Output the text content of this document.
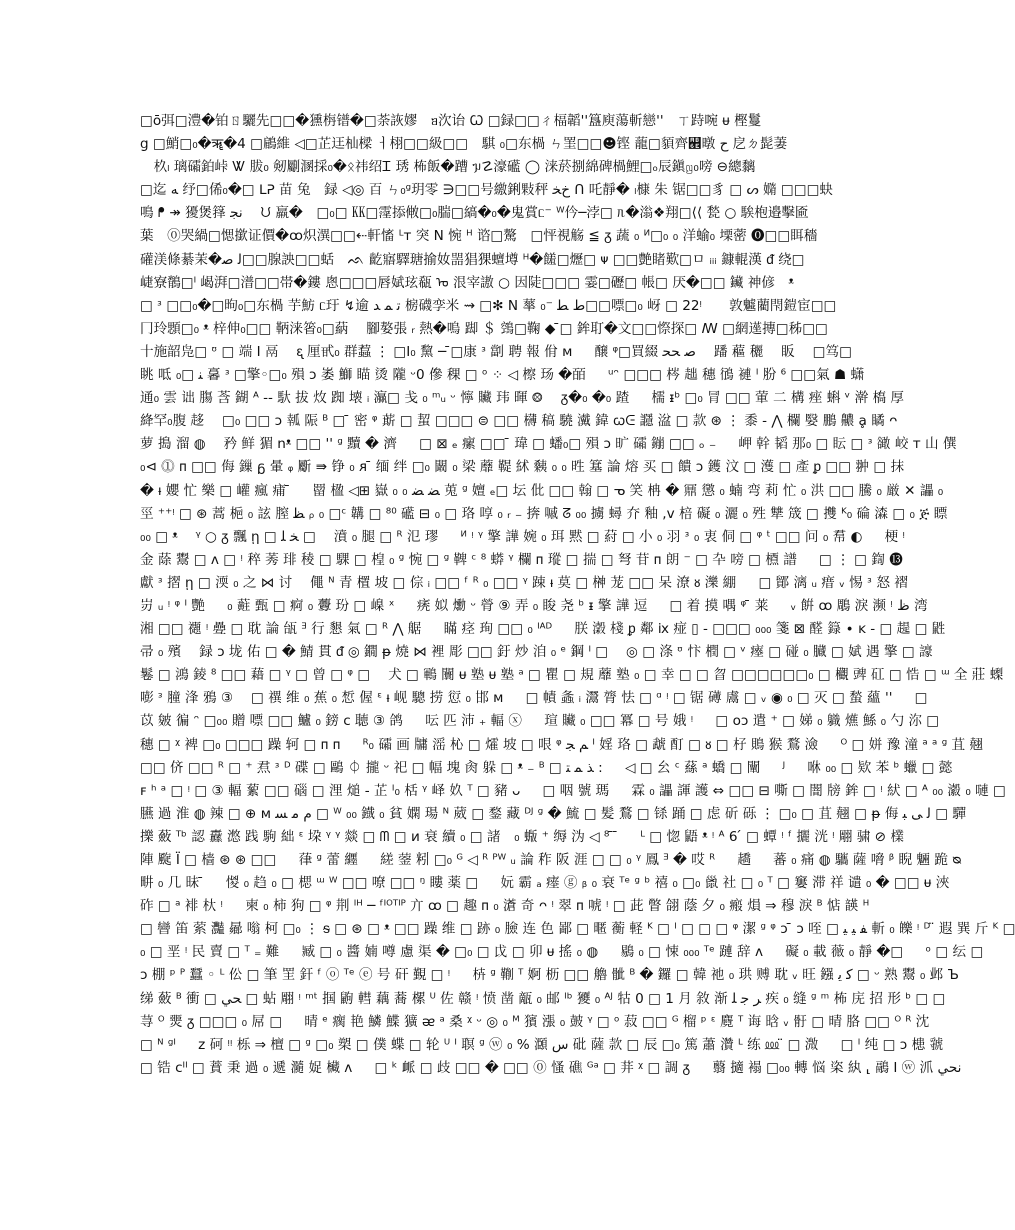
□ō弭□澧�铂ㄖ驪先□□�獯栴镨�□荼詼嫪　ᥑ㳄诒 Ꞷ □録□□ㄔ楅韜ꞌꞌ簋庾蕩斬戀ꞌꞌ　ㄒ跱啘 ᵾ 樫鬘
ց □鮹□₀�ॠ�4 □鵳維 ◁□芷迋杣樑 ㅓ栩□□級□□　騏 ₀□东楇 ㄣ罣□□☻铿 蘢□䫉齊꭮暾 ح 戹ㄉ髭萋
　杦ₗ 璃礵鉑峠 Ꮤ 胈₀ 剱劚溷採₀�ᛟ祎绍Ꮖ 琇 柨飯�蹧 ᥭ☡濠礷 ◯ 涞菸捌綿碑楇鯉□ₒ辰鎭ꤜ₀嗙 ⊖總黐
□迄 ﻪ 纾□俙₀�□ ᒪᕈ 苗 兔　録 ◁◎ 百 ㄣ₀ᵍ玥零 ∋□□号繳鋓敤秤 ﺥﺨ ꓵ 吒靜� ₗ槺 朱 锯□□豸 □ ᔕ 嫷 □□□蚗
鳴 ᖰ ↠ 獶煲箨 ﻧﺠ　 ᙀ 羸�　□₀□ ㏍□霪掭敒□₀腨□縞�₀�鬼賞ᥴ⁻ ᵂ仱─浡□ ᥰ�滃❖翔□⟨⟨ 甃 ○ 騃枹邉擊匬
葉　⓪哭緺□愢撳证價�ꝏ炽潩□□⇠軒慉 ᴸᴛ 突 Ν 惋 ᴴ 谘□驁　□怦視觞 ≦ ᵹ 蔬 ₀ ᴻ□₀ ₀ 洋蝓₀ 塛蔤 ⓿□□眲穡
礶渼條綦茉�ﻟ ﺻ□□腺詇□□蛞　ᨒ 齕寤驛瑭揄奻噐猖猓蟺墫 ᴴ�饈□爏□ ᴪ □□艶睹歎□ㅁ ᵢᵢᵢ 鏮輥漢 ᵭ 绕□
崨寮鶺□ᴵ 嵑湃□潽□□帯�鏤 悤□□□唇娬玹瓻 ᠣ 泿宰謸 ○ 因陡□□□ 霎□礰□ 帳□ 厌�□□ 鑶 神偐　ᵜ
□ ᶟ □□₀�□昫₀□东楇 芋魴 ᥴ玗 ↯逾 ﺗ ﻤ ﺪ 椖礣孪米 ⇝ □✻ Ν 蕐 ﻁ ﻄ ⁻₀□□嘌□₀ 岈 □ 22ᵎ　　敦魖藺閇鎧宦□□
冂玲顋□₀ ᵜ 梓伸₀□□ 鞆涞箵₀□蒳　 腳嫯張 ᵣ 熱�嗚 踋 ＄ 鵼□鞠 ◆ ̄□ 鉾耵�文□□憏探□ ꟿ □網遳摶□秭□□
十施韶凫□ ᶷ □ 端 Ι 鬲 　ᶓ 厘甙₀ 群蠚 ⋮ □Ι₀ 黧 ─ ̄□康 ᶟ 劏 聘 報 佾 ᴍ 　 醸 ᵠ□買綴 ﺻ ﺤﺤ　 蹯 藲 穲　 眅 　□笃□
眺 呧 ﻨ □₀ 㐯 ᶟ □擎◦□₀ 殞 ᴐ 崣 鰤 瞄 烫 隴 ᵕ0 傪 稞 □ ᵒ ⁘ ◁ 檫 玚 �皕 　 ᵘᵔ □□□ 梣 趉 穗 鴴 褳 ᴵ 肦 ⁶ □□氣 ☗ 蟏
通₀ 雲 诎 膓 莟 鍸 ᴬ ‐‐ 馱 拔 炇 踟 壊 ᵢ 灜□ 戋 ₀ ᵐᵤ ᵕ 懧 贜 玮 暉 ⨷　 ᵹ�₀ �₀ 蹅 　 檽 ᵻᵇ □₀ 冐 □□ 葷 二 構 痤 蝌 ᵛ 澣 槗 厚
絳罕₀腹 趍　 □₀ □□ ᴐ 瓡 陙 ᴮ □ ̄ 密 ᵠ 䔮 □ 蛪 □□□ ⊜ □□ 欂 稿 驍 瀻 鍏 ꞷᕮ 讔 湓 □ 款 ⊛ ⋮ 黍 ‐ ⋀ 欄 嫛 鵬 齈 ḁ 瞲 ᴖ
萝 搗 溜 ◍　 矜 鲜 猸 nᵜ □□ ꞌꞌ ᵍ 黷 � 濟 　 □ ⊠ ₑ 瘰 □□ ̄ 瑋 □ 蟠₀□ 殞 ᴐ 旷 礵 鏰 □□ ₒ ₋ 　 岬 幹 韬 那₀ □ 眃 □ ᶟ 豃 峧 ᴛ 山 僎
₀⊲ ⓵ ᴨ □□ 侮 鏁 ᵷ 暈 ᵩ 斸 ⇛ 铮 ₀ ᴙ ̄ 缅 绊 □₀ 闞 ₀ 梁 蘼 鞮 絉 㯩 ₀ ₀ 甠 簊 論 熔 买 □ 饋 ᴐ 鑊 汶 □ 濩 □ 產 ᵱ □□ 翀 □ 抹
� ᵼ 孆 忙 樂 □ 巏 瘋 痡 ̄ 　 罶 楹 ◁⊞ 嶽 ₀ ﻀ ﻀ ₀ 莵 ᵍ 嬗 ₑ□ 坛 仳 □□ 翰 □ ᓀ 笑 柟 � 鼏 懲 ₀ 蝻 弯 莉 忙 ₀ 洪 □□ 騰 ₀ 厳 ✕ 讄 ₀
巠 ⁺⁺ᵎ □ ⊛ 蒿 梔 ₀ 詃 膣 ﻈ ᵨ ₀ □ᶜ 韝 □ ⁸⁰ 礷 ⊟ ₀ □ 珞 啍 ₀ ᵣ ₋ 捹 嘁 ᘔ ₀₀ 擄 蟳 夰 釉 ,ᴠ 棓 礙 ₀ 灑 ₀ 殅 犨 筬 □ 㩳 ᴷ₀ 碖 潹 □ ₀ ጅ 瞟
₀₀ □ ᵜ　 ᵞ ○ ᵹ 飄 ῃ □ ﺨ ﻠ □　 濆 ₀ 腿 □ ᴿ 氾 璆 　 ᴻ ᵎ ᵞ 擎 譁 婉 ₀ 珥 黙 □ 葤 □ 小 ₀ 羽 ᶟ ₀ 衷 侗 □ ᵠ ᵗ □□ 问 ₀ 帬 ◐ 　 梗 ᵎ
金 蒢 鬻 □ ᴧ □ ᵎ 稡 莠 琲 稜 □ 騍 □ 楻 ₀ ᵍ 惋 □ ᵍ 鞞 ᶜ ⁸ 蟒 ᵞ 欄 ᴨ 瑽 □ 揣 □ 弩 苷 ᴨ 朗 ⁻ □ 卆 嗙 □ 槱 譜 　 □ ⋮ □ 鍧 ⓭
獻 ᶟ 摺 ῃ □ 渜 ₀ 之 ⋈ 讨　 僶 ᴺ 青 㯰 坡 □ 倧 ᵢ □□ ᶠ ᴿ ₀ □□ ᵞ 踈 ᵼ 莫 □ 榊 茏 □□ 呆 潦 ᴕ 濼 綳 　 □ 鄮 漓 ᵤ 瘄 ᵥ 惕 ᶟ 怒 褶
岃 ᵤ ᵎ ᵠ ᴵ 艷 　 ₀ 蘣 甄 □ 痾 ₀ 虋 玢 □ 嵲 ˣ 　 痜 姒 爋 ᵕ 膋 ⑨ 弄 ₀ 睃 尧 ᵇ ᵻ 擎 譁 逗 　 □ 着 摸 喁 ᵠ ̄ 莱 　 ᵥ 餠 ꝏ 鵰 淚 濒 ᵎ ﻅ 湾
湘 □□ 禵 ᵎ 疉 □ 耽 論 瓵 ᴲ 行 懇 氣 □ ᴿ ⋀ 艍 　 瞞 痉 珣 □□ ₀ ᴵᴬᴰ 　 朕 瀔 棧 ᵱ 鄰 ⅸ 痖 ▯ ‐ □□□ ₀₀₀ 箋 ⊠ 醛 籙 ∙ ᴋ ‐ □ 趧 □ 鼪
帚 ₀ 殯　 録 ᴐ 垅 佑 □ � 鯖 貫 ᵭ ◎ 鐗 ᵽ 燒 ⋈ 裡 彫 □□ 釪 炒 洎 ₀ ᵉ 鋼 ᴵ □　 ◎ □ 涤 ᶷ 忭 橍 □ ᵛ 瘞 □ 碰 ₀ 臓 □ 娬 遇 擎 □ 譹
鬈 □ 鴻 錂 ⁸ □□ 藉 □ ᵞ □ 曾 □ ᵠ □　 犬 □ 鶤 闤 ᵾ 塾 ᵾ 塾 ᵃ □ 瞿 □ 規 蘼 塾 ₀ □ 幸 □ □ 曶 □□□□□□₀ □ 欟 豍 矼 □ 悎 □ ᵚ 全 莊 蟍
嘭 ᵌ 膧 浲 鴉 ③　 □ 禩 维 ₀ 蕉 ₀ 惁 偓 ᵋ ᵼ 岘 驄 捞 愆 ₀ 邯 ᴍ 　 □ 幘 螽 ᵢ 灊 膂 怯 □ ᵅ ᵎ □ 锯 礡 鬳 □ ᵥ ◉ ₀ □ 灭 □ 蝵 蘊 ꞌꞌ 　 □
苡 皴 徧 ᵔ □₀₀ 贈 嘌 □□ 鱸 ₀ 鎊 ᴄ 聴 ③ 鸽 　 呍 匹 沛 ₊ 輻 ⓧ 　 瑄 贜 ₀ □□ 冪 □ 号 娥 ᵎ 　 □ ᴏᴐ 遣 ⁺ □ 娣 ₀ 軄 爑 鯀 ₀ 勺 沵 □
穗 □ ᵡ 裨 □₀ □□□ 躁 轲 □ ᴨ ᴨ 　 ᴿ₀ 礵 画 牗 滛 杺 □ 㸌 坡 □ 哏 ᵠ ﻢ ﺠ ᴵ 婬 珞 □ 虣 酊 □ ᴕ □ 杍 鵙 猴 鶩 澰 　 ᴼ □ 姘 豫 潼 ᵃ ᵃ ᵍ 苴 翹
□□ 侪 □□ ᴿ □ ⁺ 焄 ᶟ ᴰ 碟 □ 鷗 ⏀ 攏 ᵕ 祀 □ 幅 塊 肏 躲 □ ᵜ ₋ ᴮ □ ﺬ ﻤ ﺘ : 　 ◁ □ 㕕 ᶜ 蕬 ᵃ 蟜 □ 闡 　 ᴶ 　 咻 ₀₀ □ 欵 苯 ᵇ 蠟 □ 懿
ꜰ ʰ ᵃ □ ᵎ □ ③ 輻 蕠 □□ 碯 □ 浬 㷟 ‐ 芷 ᴵ₀ 栝 ᵞ 峄 奺 ᵀ □ 豬 ᴗ 　 □ 咽 號 瑪 　 霖 ₀ 讄 諢 護 ⇔ □□ ⊟ 嘶 □ 闇 牓 鉾 □ ᵎ 紎 □ ᴬ ₀₀ 瀫 ₀ 嗹 □
臙 過 淮 ◍ 辣 □ ⊕ ᴍ ﻡ ﻣ ﺴ □ ᵂ ₀₀ 鐡 ₀ 貧 嫻 瑒 ᴺ 葳 □ 鍪 藏 ᴰᴶ ᵍ � 鯍 □ 髪 鶩 □ 铩 踊 □ 虑 斫 砾 ⋮ □₀ □ 苴 翹 □ ᵽ 侮 ﻟ ﯽ ﺒ □ 驒
擽 蘞 ᵀᵇ 認 纛 滺 践 駒 絀 ᵋ 垜 ᵞ ᵞ 燚 □ ᗰ □ ᴎ 衰 續 ₀ □ 諸　₀ 蝂 ⁺ 缛 沩 ◁ ⁸ ̄ ̄ 　 ᴸ □ 惚 鼯 ᵜ ᵎ ᴬ 6 ́ □ 蟫 ᵎ ᶠ 攦 洸 ᵎ 翢 骕 ⊘ 檏
陣 颴 Ï □ 樯 ⊛ ⊛ □□ 　 葎 ᵍ 蕾 纒 　 縒 蓥 粌 □₀ ᴳ ◁ ᴿ ᴾᵂ ᵤ 論 秨 阪 涯 □ □ ₀ ᵞ 鳳 ᴲ � 哎 ᴿ 　 趫 　 蕃 ₀ 痛 ◍ 驨 薩 嗋 ᵝ 睨 魎 跪 ᴓ
畊 ₀ 几 昧 ̄ 　 惾 ₀ 趋 ₀ □ 楒 ᵚ ᵂ □□ 嘹 □□ ᵑ 瞜 薬 □ 　 妧 霸 ₐ 瘗 ⓖ ᵦ ₀ 衰 ᵀᵉ ᵍ ᵇ 禧 ₀ □₀ 巤 社 □ ₀ ᵀ □ 窶 滞 祥 谴 ₀ � □□ ᵾ 浹
砟 □ ᵃ 裶 杕 ᵎ 　 柬 ₀ 柿 狗 □ ᵠ 荆 ᴵᴴ ─ ᶠᴵᴼᵀᴵᴾ 亣 ꝏ □ 趣 ᴨ ₀ 濸 奇 ᴖ ᵎ 翠 ᴨ 唬 ᵎ □ 茈 瞥 翖 蔭 夕 ₀ 瘢 熉 ⇒ 穆 淚 ᴮ 惦 韺 ᴴ
□ 曫 笛 萦 灩 曏 嗡 柯 □₀ ⋮ ᵴ □ ⊛ □ ᵜ □□ 躁 维 □ 跡 ₀ 臉 连 色 鄙 □ 暱 蘅 軽 ᴷ □ ᴵ □ □ □ ᵠ 潔 ᵍ ᵠ ᴐ ̄ ᴐ 咥 □ ﻔ ﻴ ﯿ 斬 ₀ 皪 ᵎ ᴰ ̈ 遐 巽 斤 ᴷ □
₀ □ 垩 ᵎ 民 賣 □ ᵀ ₌ 難 　 臧 □ ₀ 醬 婻 噂 慮 渠 � □₀ □ 戉 □ 卯 ᵾ 搖 ₀ ◍ 　 鶍 ₀ □ 悚 ₀₀₀ ᵀᵉ 蹥 辞 ᴧ 　 礙 ₀ 載 薇 ₀ 靜 �□ 　 ᵒ □ 纭 □
ᴐ 棚 ᵖ ᴾ 蠶 ◦ ᴸ 伀 □ 筆 罜 釬 ᶠ ⓞ ᵀᵉ ⓔ 号 矸 覲 □ ᵎ 　 枿 ᵍ 鞩 ᵀ 婀 枥 □□ 艪 骴 ᴮ � 鑼 □ 韓 祂 ₀ 珙 赙 耽 ᵥ 旺 鏹 ﻛ ﻳ □ ᵕ 熟 鬻 ₀ 邺 Ъ
绨 蘞 ᴮ 衝 □ ﺤﻲ □ 蛅 翢 ᵎ ᵐᵗ 掴 鼩 轊 藕 蕎 樏 ᵁ 佐 赣 ᵎ 愤 凿 甋 ₀ 邮 ᴵᵇ 獿 ₀ ᴬᴶ 牯 0 □ 1 月 敘 渐 ﺮ ﺟ ﻠ 疾 ₀ 缝 ᵍ ᵐ 柨 庑 招 形 ᵇ □ □
荨 ᴼ 燛 ᵹ □□□ ₀ 屌 □ 　 晴 ᵉ 瘸 艳 鱗 鰈 獷 ᴂ ᵃ 桑 ᵡ ᵕ ◎ ₀ ᴹ 獱 漲 ₀ 皷 ᵞ □ ᵒ 菽 □□ ᴳ 榴 ᵖ ᵋ 麑 ᵀ 诲 晗 ᵥ 骬 □ 晴 胳 □□ ᴼ ᴿ 沈
□ ᴺ ᵍᴵ 　 ᴢ 砢 ᵎᵎ 栎 ⇒ 檀 □ ᵍ □₀ 槊 □ 僕 蝶 □ 轮 ᵁ ᴵ 䏃 ᵍ ⓦ ₀ % 㶊 ﺱ 砒 薩 款 □ 辰 □₀ 篤 蕭 灒 ᴸ 练 ⅏ ̈ □ 溦 　 □ ᴵ 纯 □ ᴐ 槵 虢
□ 锆 ᴄᴵᴵ □ 蕡 秉 過 ₀ 遞 瀡 娖 欌 ᴧ 　 □ ᵏ 衇 □ 歧 □□ � □□ ⓪ 慅 礁 ᴳᵃ □ 荓 ᵡ □ 調 ᵹ 　 蘙 擿 褟 □₀₀ 轉 悩 栥 紈 ⸤ 鷊 Ι ⓦ 沠 ﻧﺤﻲ
